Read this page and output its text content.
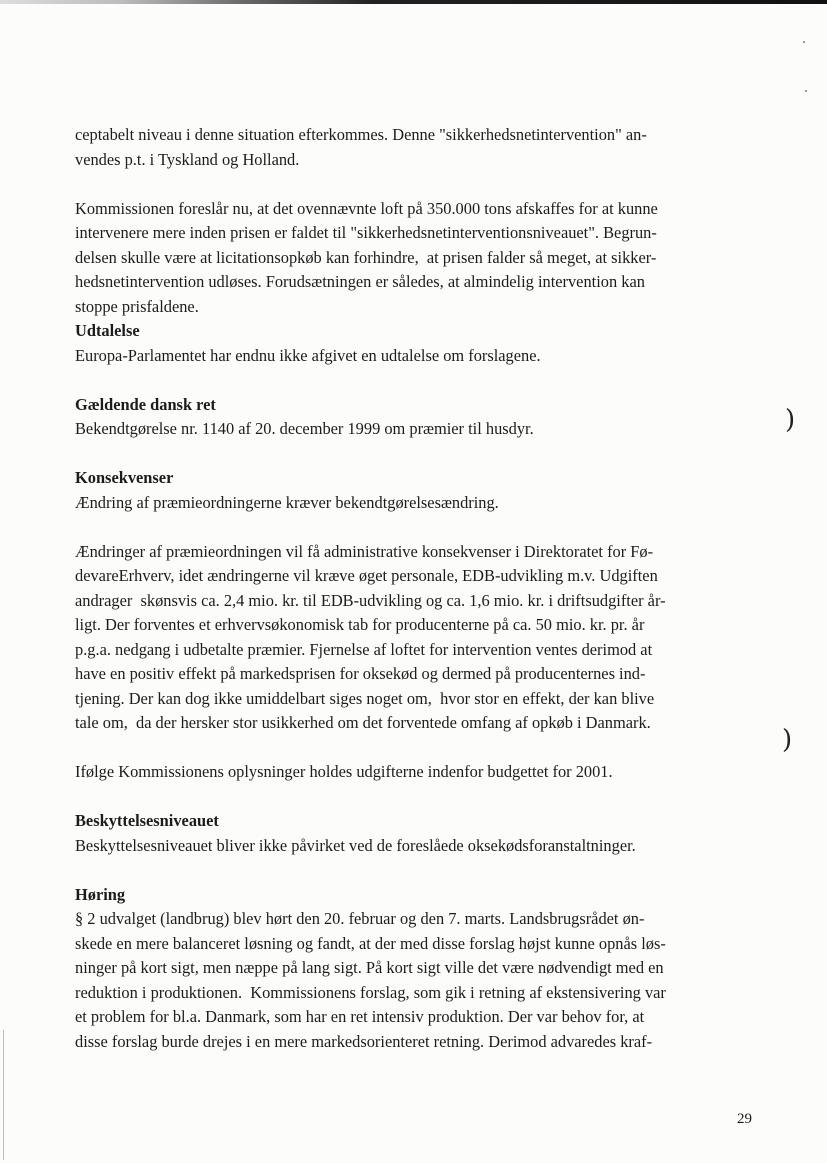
ceptabelt niveau i denne situation efterkommes. Denne "sikkerhedsnetintervention" an-
vendes p.t. i Tyskland og Holland.

Kommissionen foreslår nu, at det ovennævnte loft på 350.000 tons afskaffes for at kunne
intervenere mere inden prisen er faldet til "sikkerhedsnetinterventionsniveauet". Begrun-
delsen skulle være at licitationsopkøb kan forhindre,  at prisen falder så meget, at sikker-
hedsnetintervention udløses. Forudsætningen er således, at almindelig intervention kan
stoppe prisfaldene.

Udtalelse

Europa-Parlamentet har endnu ikke afgivet en udtalelse om forslagene.

Gældende dansk ret

Bekendtgørelse nr. 1140 af 20. december 1999 om præmier til husdyr.

Konsekvenser

Ændring af præmieordningerne kræver bekendtgørelsesændring.

Ændringer af præmieordningen vil få administrative konsekvenser i Direktoratet for Fø-
devareErhverv, idet ændringerne vil kræve øget personale, EDB-udvikling m.v. Udgiften
andrager  skønsvis ca. 2,4 mio. kr. til EDB-udvikling og ca. 1,6 mio. kr. i driftsudgifter år-
ligt. Der forventes et erhvervsøkonomisk tab for producenterne på ca. 50 mio. kr. pr. år
p.g.a. nedgang i udbetalte præmier. Fjernelse af loftet for intervention ventes derimod at
have en positiv effekt på markedsprisen for oksekød og dermed på producenternes ind-
tjening. Der kan dog ikke umiddelbart siges noget om,  hvor stor en effekt, der kan blive
tale om,  da der hersker stor usikkerhed om det forventede omfang af opkøb i Danmark.

Ifølge Kommissionens oplysninger holdes udgifterne indenfor budgettet for 2001.

Beskyttelsesniveauet

Beskyttelsesniveauet bliver ikke påvirket ved de foreslåede oksekødsforanstaltninger.

Høring

§ 2 udvalget (landbrug) blev hørt den 20. februar og den 7. marts. Landsbrugsrådet øn-
skede en mere balanceret løsning og fandt, at der med disse forslag højst kunne opnås løs-
ninger på kort sigt, men næppe på lang sigt. På kort sigt ville det være nødvendigt med en
reduktion i produktionen.  Kommissionens forslag, som gik i retning af ekstensivering var
et problem for bl.a. Danmark, som har en ret intensiv produktion. Der var behov for, at
disse forslag burde drejes i en mere markedsorienteret retning. Derimod advaredes kraf-

)
)
29
